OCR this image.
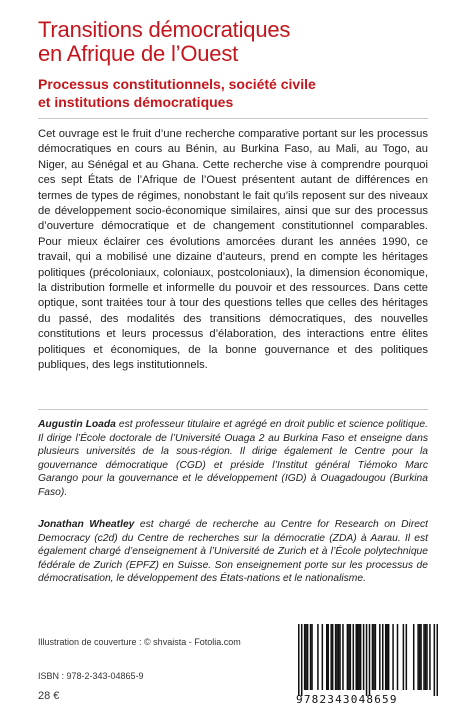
Transitions démocratiques
en Afrique de l’Ouest
Processus constitutionnels, société civile
et institutions démocratiques

Cet ouvrage est le fruit d’une recherche comparative portant sur les processus démocratiques en cours au Bénin, au Burkina Faso, au Mali, au Togo, au Niger, au Sénégal et au Ghana. Cette recherche vise à comprendre pourquoi ces sept États de l’Afrique de l’Ouest présentent autant de différences en termes de types de régimes, nonobstant le fait qu’ils reposent sur des niveaux de développement socio-économique similaires, ainsi que sur des processus d’ouverture démocratique et de changement constitutionnel comparables. Pour mieux éclairer ces évolutions amorcées durant les années 1990, ce travail, qui a mobilisé une dizaine d’auteurs, prend en compte les héritages politiques (précoloniaux, coloniaux, postcoloniaux), la dimension économique, la distribution formelle et informelle du pouvoir et des ressources. Dans cette optique, sont traitées tour à tour des questions telles que celles des héritages du passé, des modalités des transitions démocratiques, des nouvelles constitutions et leurs processus d’élaboration, des interactions entre élites politiques et économiques, de la bonne gouvernance et des politiques publiques, des legs institutionnels.

Augustin Loada est professeur titulaire et agrégé en droit public et science politique. Il dirige l’École doctorale de l’Université Ouaga 2 au Burkina Faso et enseigne dans plusieurs universités de la sous-région. Il dirige également le Centre pour la gouvernance démocratique (CGD) et préside l’Institut général Tiémoko Marc Garango pour la gouvernance et le développement (IGD) à Ouagadougou (Burkina Faso).

Jonathan Wheatley est chargé de recherche au Centre for Research on Direct Democracy (c2d) du Centre de recherches sur la démocratie (ZDA) à Aarau. Il est également chargé d’enseignement à l’Université de Zurich et à l’École polytechnique fédérale de Zurich (EPFZ) en Suisse. Son enseignement porte sur les processus de démocratisation, le développement des États-nations et le nationalisme.

Illustration de couverture : © shvaista - Fotolia.com
ISBN : 978-2-343-04865-9
28 €	9782343048659
